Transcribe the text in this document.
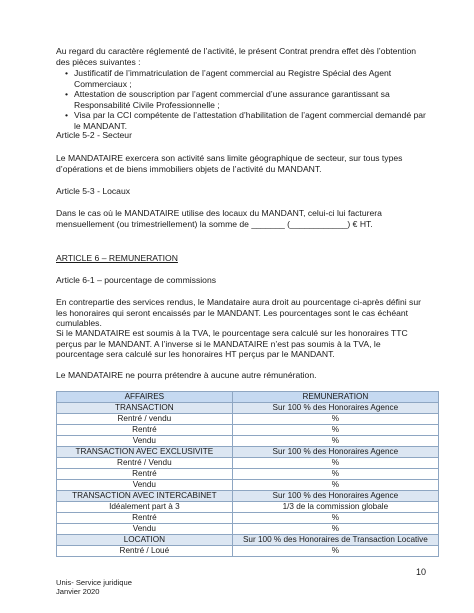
Au regard du caractère réglementé de l’activité, le présent Contrat prendra effet dès l’obtention des pièces suivantes :
• Justificatif de l’immatriculation de l’agent commercial au Registre Spécial des Agent Commerciaux ;
• Attestation de souscription par l’agent commercial d’une assurance garantissant sa Responsabilité Civile Professionnelle ;
• Visa par la CCI compétente de l’attestation d’habilitation de l’agent commercial demandé par le MANDANT.
Article 5-2 - Secteur
Le MANDATAIRE exercera son activité sans limite géographique de secteur, sur tous types d’opérations et de biens immobiliers objets de l’activité du MANDANT.
Article 5-3 - Locaux
Dans le cas où le MANDATAIRE utilise des locaux du MANDANT, celui-ci lui facturera mensuellement (ou trimestriellement) la somme de _______ (____________) € HT.
ARTICLE 6 – REMUNERATION
Article 6-1 – pourcentage de commissions
En contrepartie des services rendus, le Mandataire aura droit au pourcentage ci-après défini sur les honoraires qui seront encaissés par le MANDANT. Les pourcentages sont le cas échéant cumulables.
Si le MANDATAIRE est soumis à la TVA, le pourcentage sera calculé sur les honoraires TTC perçus par le MANDANT. A l’inverse si le MANDATAIRE n’est pas soumis à la TVA, le pourcentage sera calculé sur les honoraires HT perçus par le MANDANT.
Le MANDATAIRE ne pourra prétendre à aucune autre rémunération.
AFFAIRES	REMUNERATION
TRANSACTION	Sur 100 % des Honoraires Agence
Rentré / vendu	%
Rentré	%
Vendu	%
TRANSACTION AVEC EXCLUSIVITE	Sur 100 % des Honoraires Agence
Rentré / Vendu	%
Rentré	%
Vendu	%
TRANSACTION AVEC INTERCABINET	Sur 100 % des Honoraires Agence
Idéalement part à 3	1/3 de la commission globale
Rentré	%
Vendu	%
LOCATION	Sur 100 % des Honoraires de Transaction Locative
Rentré / Loué	%
10
Unis- Service juridique
Janvier 2020
